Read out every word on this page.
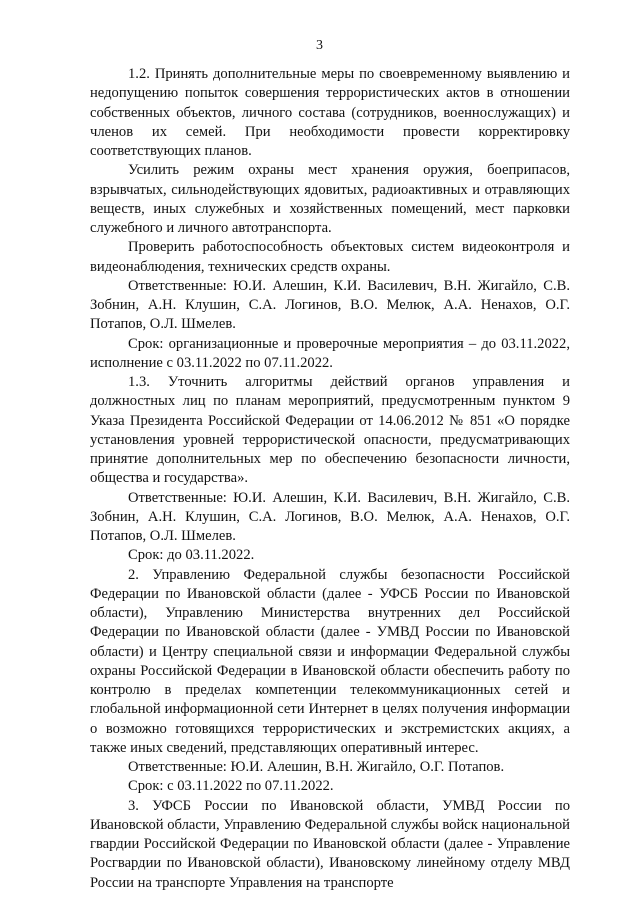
3

1.2. Принять дополнительные меры по своевременному выявлению и недопущению попыток совершения террористических актов в отношении собственных объектов, личного состава (сотрудников, военнослужащих) и членов их семей. При необходимости провести корректировку соответствующих планов.

Усилить режим охраны мест хранения оружия, боеприпасов, взрывчатых, сильнодействующих ядовитых, радиоактивных и отравляющих веществ, иных служебных и хозяйственных помещений, мест парковки служебного и личного автотранспорта.

Проверить работоспособность объектовых систем видеоконтроля и видеонаблюдения, технических средств охраны.

Ответственные: Ю.И. Алешин, К.И. Василевич, В.Н. Жигайло, С.В. Зобнин, А.Н. Клушин, С.А. Логинов, В.О. Мелюк, А.А. Ненахов, О.Г. Потапов, О.Л. Шмелев.

Срок: организационные и проверочные мероприятия – до 03.11.2022, исполнение с 03.11.2022 по 07.11.2022.

1.3. Уточнить алгоритмы действий органов управления и должностных лиц по планам мероприятий, предусмотренным пунктом 9 Указа Президента Российской Федерации от 14.06.2012 № 851 «О порядке установления уровней террористической опасности, предусматривающих принятие дополнительных мер по обеспечению безопасности личности, общества и государства».

Ответственные: Ю.И. Алешин, К.И. Василевич, В.Н. Жигайло, С.В. Зобнин, А.Н. Клушин, С.А. Логинов, В.О. Мелюк, А.А. Ненахов, О.Г. Потапов, О.Л. Шмелев.

Срок: до 03.11.2022.

2. Управлению Федеральной службы безопасности Российской Федерации по Ивановской области (далее - УФСБ России по Ивановской области), Управлению Министерства внутренних дел Российской Федерации по Ивановской области (далее - УМВД России по Ивановской области) и Центру специальной связи и информации Федеральной службы охраны Российской Федерации в Ивановской области обеспечить работу по контролю в пределах компетенции телекоммуникационных сетей и глобальной информационной сети Интернет в целях получения информации о возможно готовящихся террористических и экстремистских акциях, а также иных сведений, представляющих оперативный интерес.

Ответственные: Ю.И. Алешин, В.Н. Жигайло, О.Г. Потапов.

Срок: с 03.11.2022 по 07.11.2022.

3. УФСБ России по Ивановской области, УМВД России по Ивановской области, Управлению Федеральной службы войск национальной гвардии Российской Федерации по Ивановской области (далее - Управление Росгвардии по Ивановской области), Ивановскому линейному отделу МВД России на транспорте Управления на транспорте
